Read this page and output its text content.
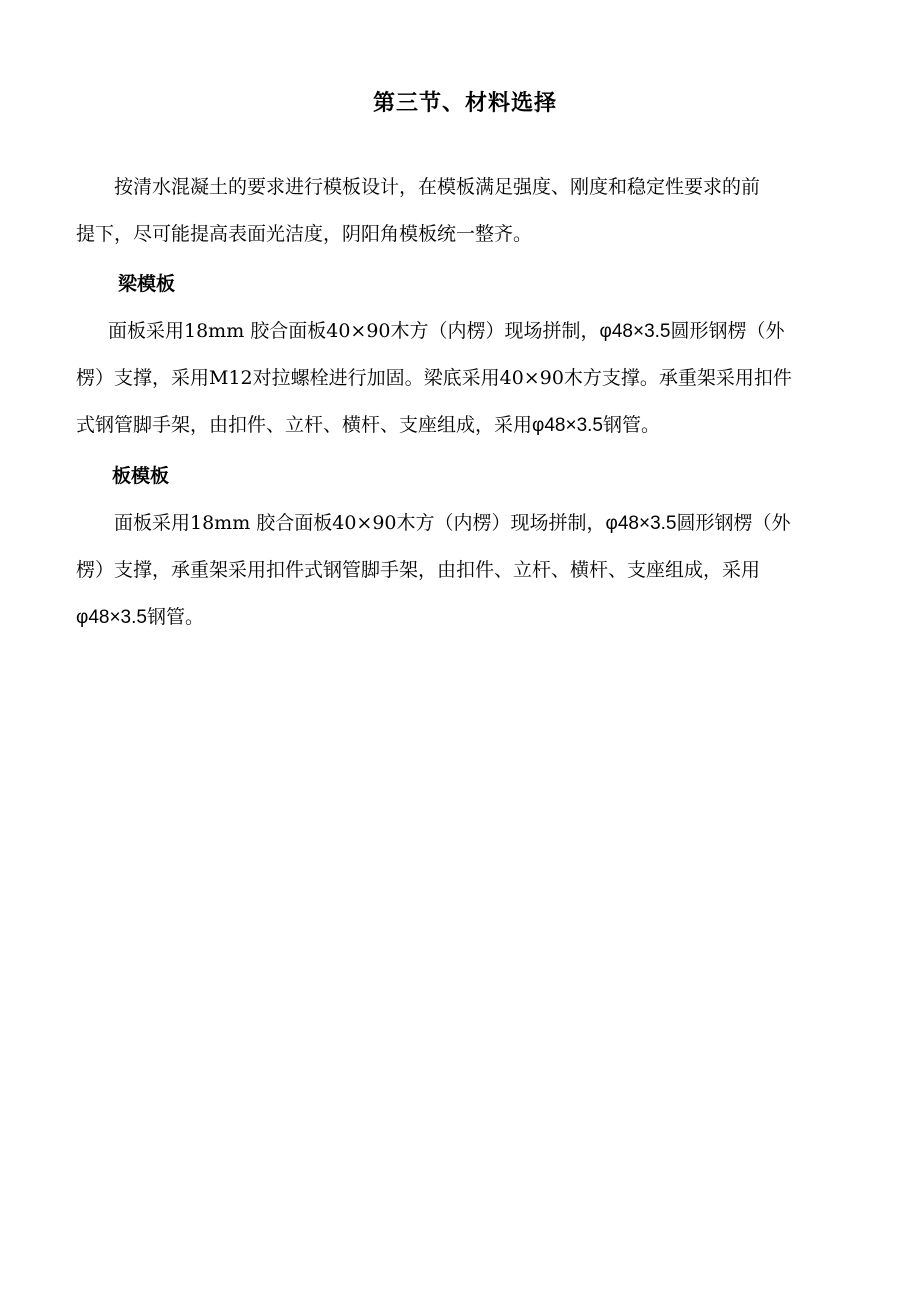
第三节、材料选择
按清水混凝土的要求进行模板设计，在模板满足强度、刚度和稳定性要求的前
提下，尽可能提高表面光洁度，阴阳角模板统一整齐。
梁模板
面板采用18mm 胶合面板40×90木方（内楞）现场拼制，φ48×3.5圆形钢楞（外
楞）支撑，采用M12对拉螺栓进行加固。梁底采用40×90木方支撑。承重架采用扣件
式钢管脚手架，由扣件、立杆、横杆、支座组成，采用φ48×3.5钢管。
板模板
面板采用18mm 胶合面板40×90木方（内楞）现场拼制，φ48×3.5圆形钢楞（外
楞）支撑，承重架采用扣件式钢管脚手架，由扣件、立杆、横杆、支座组成，采用
φ48×3.5钢管。
